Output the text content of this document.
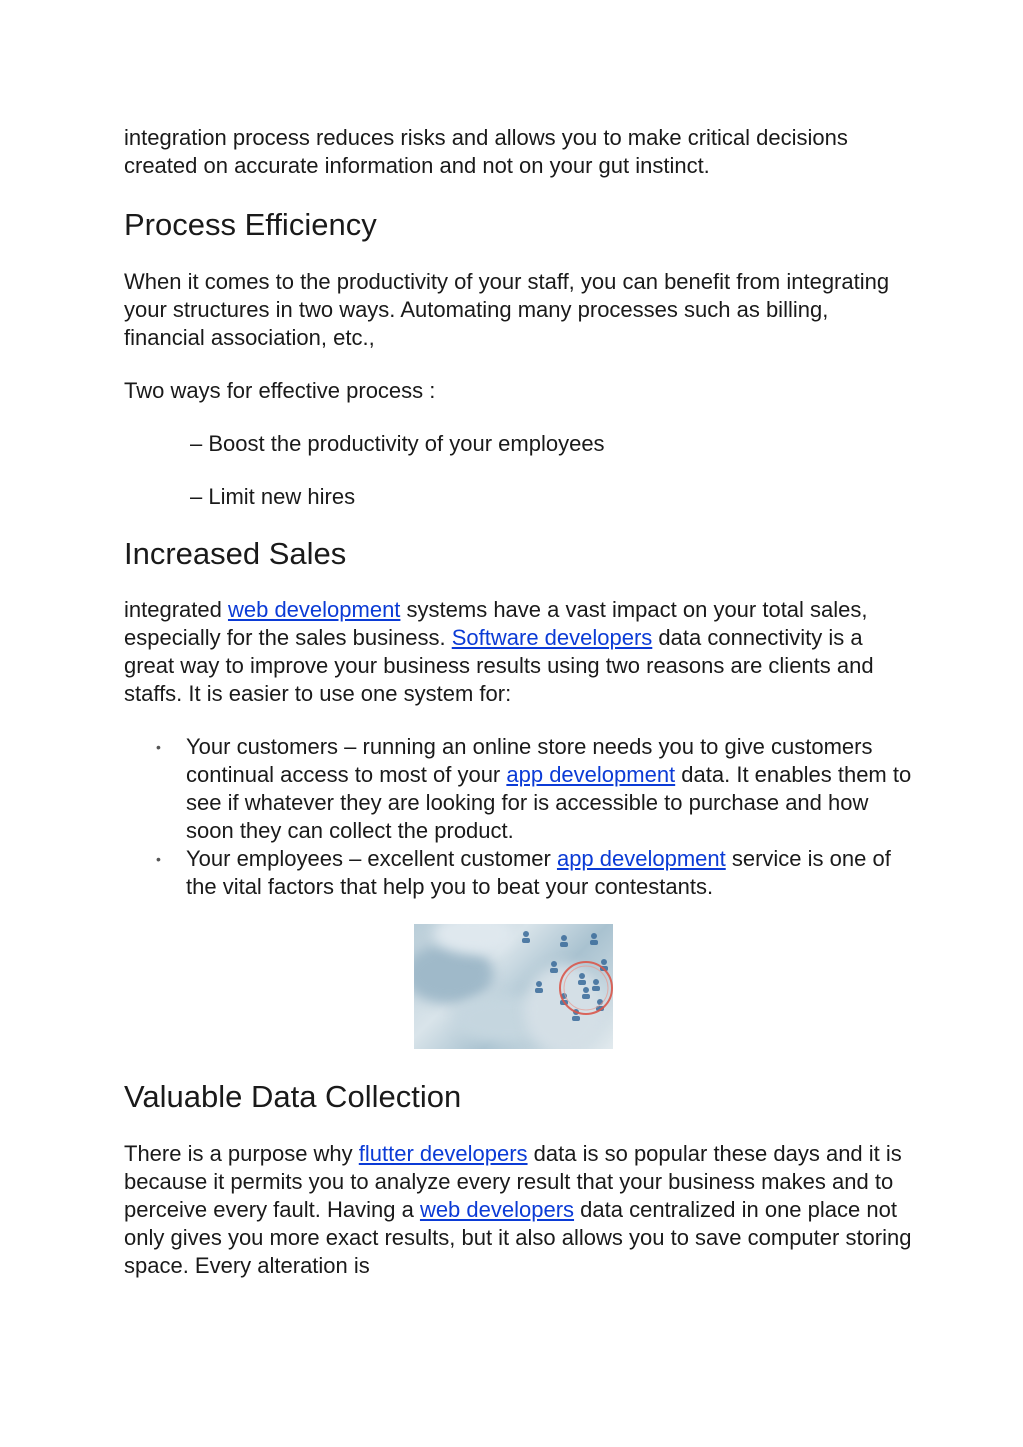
integration process reduces risks and allows you to make critical decisions created on accurate information and not on your gut instinct.

Process Efficiency

When it comes to the productivity of your staff, you can benefit from integrating your structures in two ways. Automating many processes such as billing, financial association, etc.,

Two ways for effective process :

– Boost the productivity of your employees

– Limit new hires

Increased Sales

integrated web development systems have a vast impact on your total sales, especially for the sales business. Software developers data connectivity is a great way to improve your business results using two reasons are clients and staffs. It is easier to use one system for:

• Your customers – running an online store needs you to give customers continual access to most of your app development data. It enables them to see if whatever they are looking for is accessible to purchase and how soon they can collect the product.
• Your employees – excellent customer app development service is one of the vital factors that help you to beat your contestants.
Valuable Data Collection

There is a purpose why flutter developers data is so popular these days and it is because it permits you to analyze every result that your business makes and to perceive every fault. Having a web developers data centralized in one place not only gives you more exact results, but it also allows you to save computer storing space. Every alteration is
